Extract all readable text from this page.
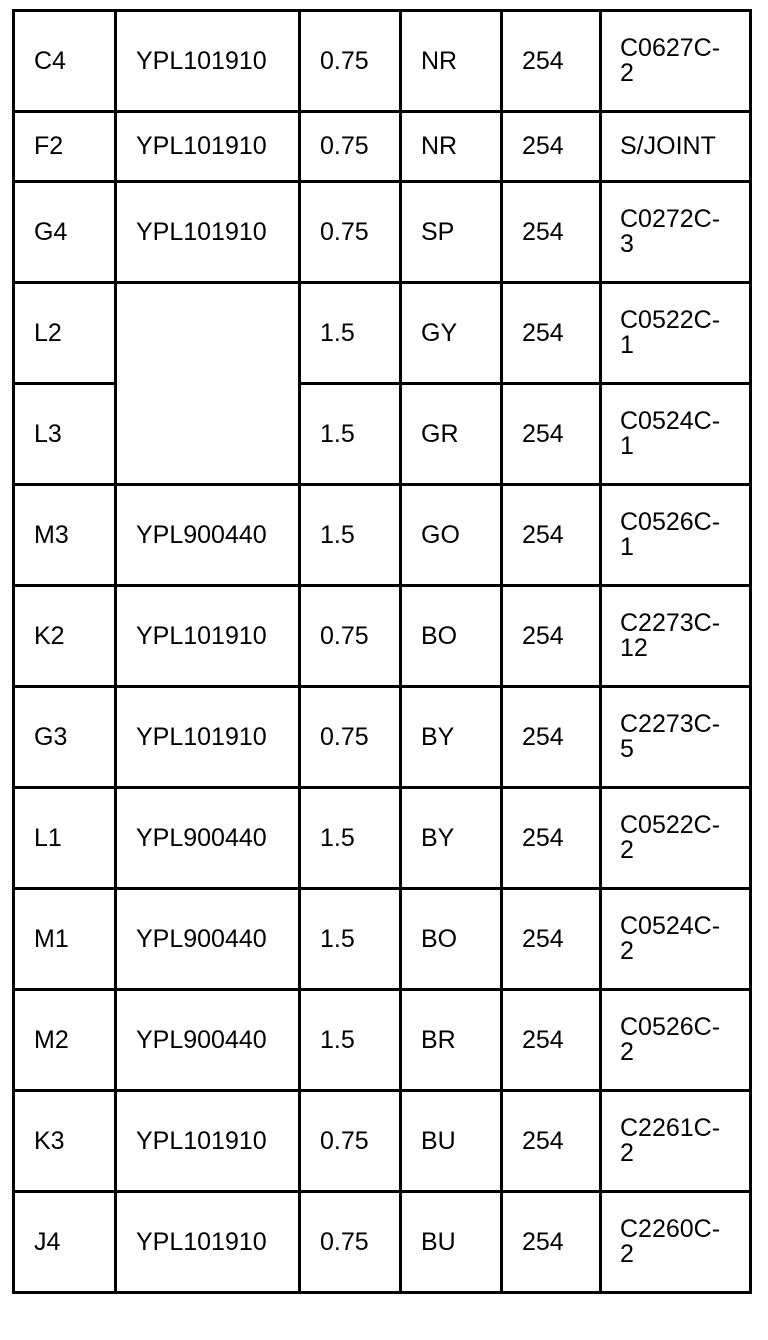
C4	YPL101910	0.75	NR	254	C0627C-
2

F2	YPL101910	0.75	NR	254	S/JOINT

G4	YPL101910	0.75	SP	254	C0272C-
3

L2		1.5	GY	254	C0522C-
1

L3		1.5	GR	254	C0524C-
1

M3	YPL900440	1.5	GO	254	C0526C-
1

K2	YPL101910	0.75	BO	254	C2273C-
12

G3	YPL101910	0.75	BY	254	C2273C-
5

L1	YPL900440	1.5	BY	254	C0522C-
2

M1	YPL900440	1.5	BO	254	C0524C-
2

M2	YPL900440	1.5	BR	254	C0526C-
2

K3	YPL101910	0.75	BU	254	C2261C-
2

J4	YPL101910	0.75	BU	254	C2260C-
2
